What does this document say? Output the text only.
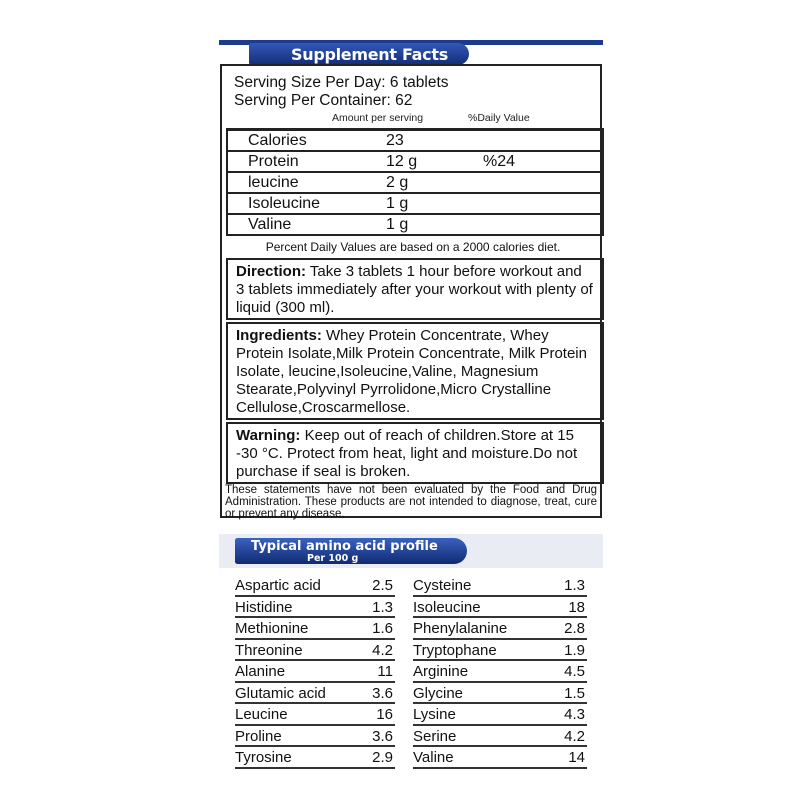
Supplement Facts
Serving Size Per Day: 6 tablets
Serving Per Container: 62
Amount per serving	%Daily Value
Calories	23
Protein	12 g	%24
leucine	2 g
Isoleucine	1 g
Valine	1 g
Percent Daily Values are based on a 2000 calories diet.
Direction: Take 3 tablets 1 hour before workout and 3 tablets immediately after your workout with plenty of liquid (300 ml).
Ingredients: Whey Protein Concentrate, Whey Protein Isolate,Milk Protein Concentrate, Milk Protein Isolate, leucine,Isoleucine,Valine, Magnesium Stearate,Polyvinyl Pyrrolidone,Micro Crystalline Cellulose,Croscarmellose.
Warning: Keep out of reach of children.Store at 15 -30 °C. Protect from heat, light and moisture.Do not purchase if seal is broken.
These statements have not been evaluated by the Food and Drug Administration. These products are not intended to diagnose, treat, cure or prevent any disease.
Typical amino acid profile
Per 100 g
Aspartic acid	2.5
Histidine	1.3
Methionine	1.6
Threonine	4.2
Alanine	11
Glutamic acid	3.6
Leucine	16
Proline	3.6
Tyrosine	2.9
Cysteine	1.3
Isoleucine	18
Phenylalanine	2.8
Tryptophane	1.9
Arginine	4.5
Glycine	1.5
Lysine	4.3
Serine	4.2
Valine	14
